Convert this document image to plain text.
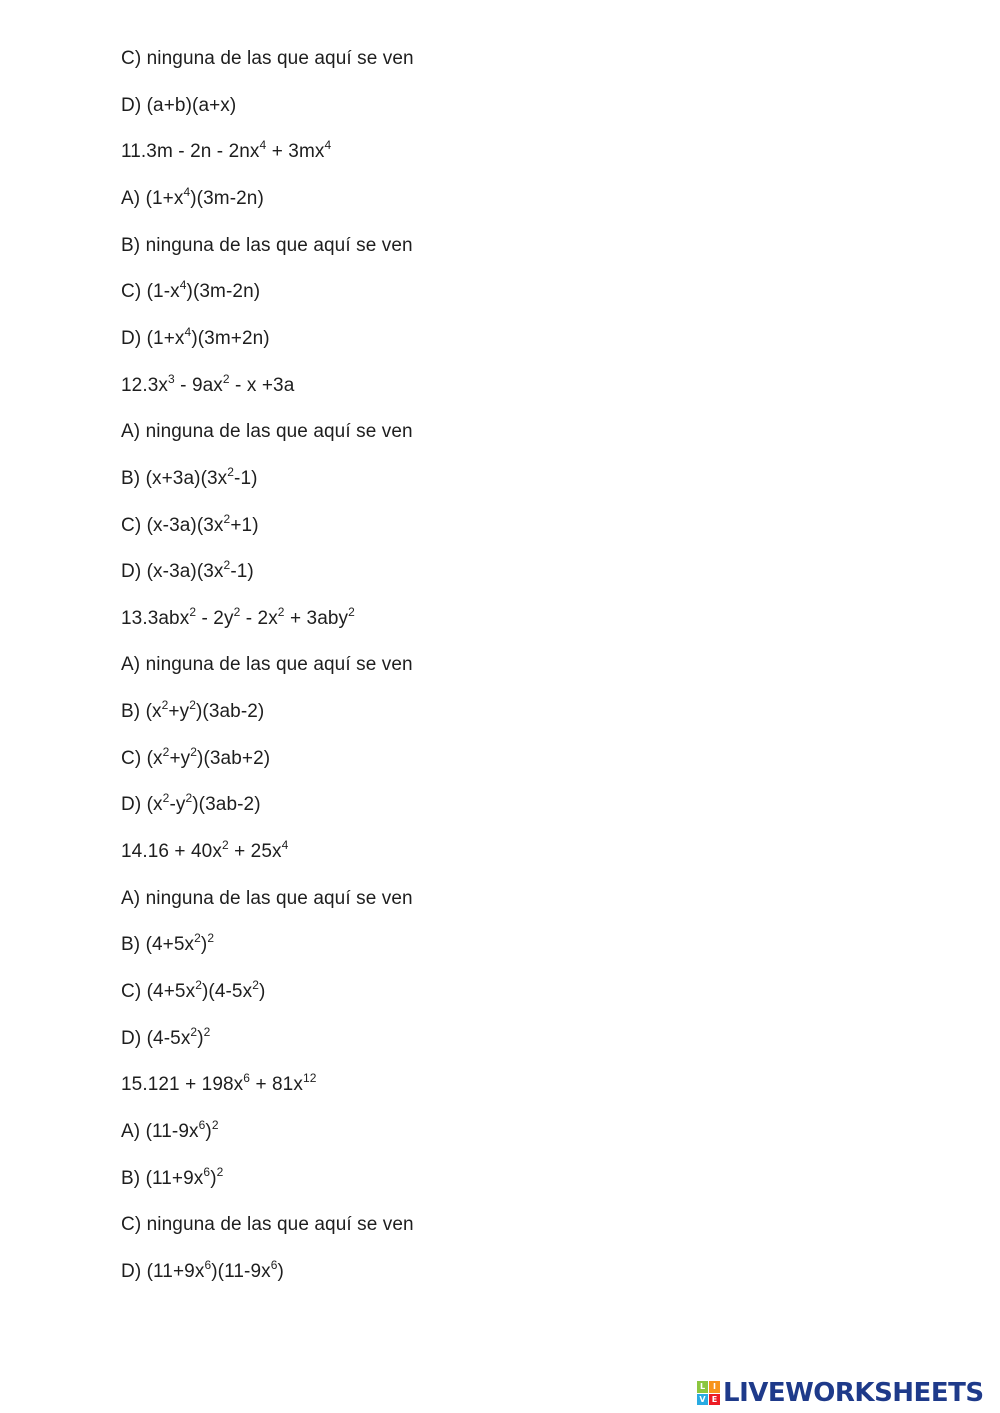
C) ninguna de las que aquí se ven
D) (a+b)(a+x)
$11.3m - 2n - 2nx^4 + 3mx^4$
A) $(1+x^4)(3m-2n)$
B) ninguna de las que aquí se ven
C) $(1-x^4)(3m-2n)$
D) $(1+x^4)(3m+2n)$
$12.3x^3 - 9ax^2 - x +3a$
A) ninguna de las que aquí se ven
B) $(x+3a)(3x^2-1)$
C) $(x-3a)(3x^2+1)$
D) $(x-3a)(3x^2-1)$
$13.3abx^2 - 2y^2 - 2x^2 + 3aby^2$
A) ninguna de las que aquí se ven
B) $(x^2+y^2)(3ab-2)$
C) $(x^2+y^2)(3ab+2)$
D) $(x^2-y^2)(3ab-2)$
$14.16 + 40x^2 + 25x^4$
A) ninguna de las que aquí se ven
B) $(4+5x^2)^2$
C) $(4+5x^2)(4-5x^2)$
D) $(4-5x^2)^2$
$15.121 + 198x^6 + 81x^{12}$
A) $(11-9x^6)^2$
B) $(11+9x^6)^2$
C) ninguna de las que aquí se ven
D) $(11+9x^6)(11-9x^6)$
L I
V E LIVEWORKSHEETS
